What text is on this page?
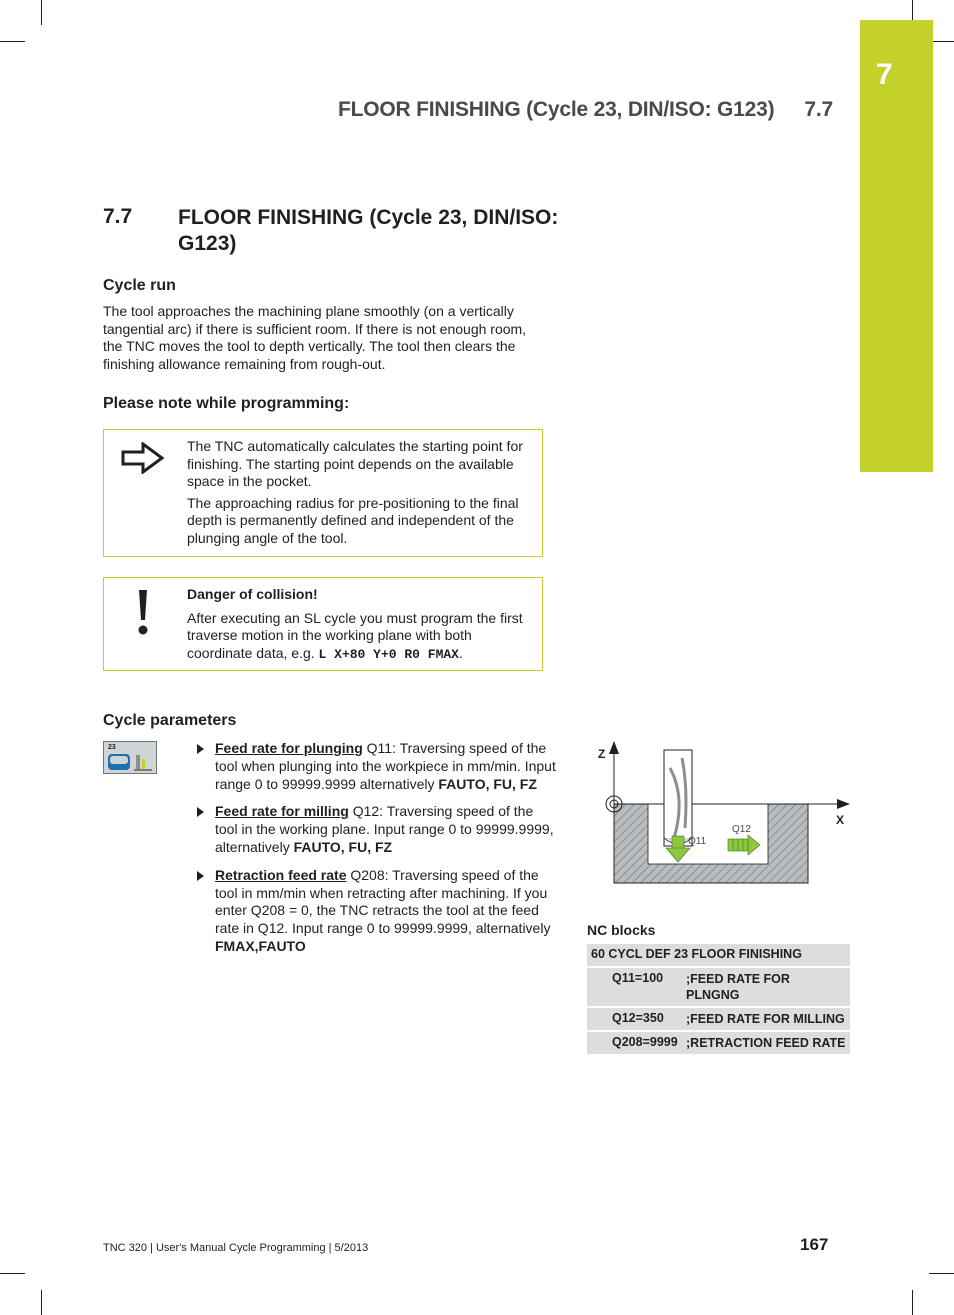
7
FLOOR FINISHING (Cycle 23, DIN/ISO: G123) 7.7
7.7 FLOOR FINISHING (Cycle 23, DIN/ISO: G123)
Cycle run
The tool approaches the machining plane smoothly (on a vertically tangential arc) if there is sufficient room. If there is not enough room, the TNC moves the tool to depth vertically. The tool then clears the finishing allowance remaining from rough-out.
Please note while programming:

The TNC automatically calculates the starting point for finishing. The starting point depends on the available space in the pocket.

The approaching radius for pre-positioning to the final depth is permanently defined and independent of the plunging angle of the tool.

Danger of collision!

After executing an SL cycle you must program the first traverse motion in the working plane with both coordinate data, e.g. L X+80 Y+0 R0 FMAX.

Cycle parameters
23	Feed rate for plunging Q11: Traversing speed of the tool when plunging into the workpiece in mm/min. Input range 0 to 99999.9999 alternatively FAUTO, FU, FZ
Feed rate for milling Q12: Traversing speed of the tool in the working plane. Input range 0 to 99999.9999, alternatively FAUTO, FU, FZ
Retraction feed rate Q208: Traversing speed of the tool in mm/min when retracting after machining. If you enter Q208 = 0, the TNC retracts the tool at the feed rate in Q12. Input range 0 to 99999.9999, alternatively FMAX,FAUTO
Z
X
Q11
Q12
NC blocks
60 CYCL DEF 23 FLOOR FINISHING
Q11=100	;FEED RATE FOR PLNGNG
Q12=350	;FEED RATE FOR MILLING
Q208=9999 ;RETRACTION FEED RATE
TNC 320 | User's Manual Cycle Programming | 5/2013	167
